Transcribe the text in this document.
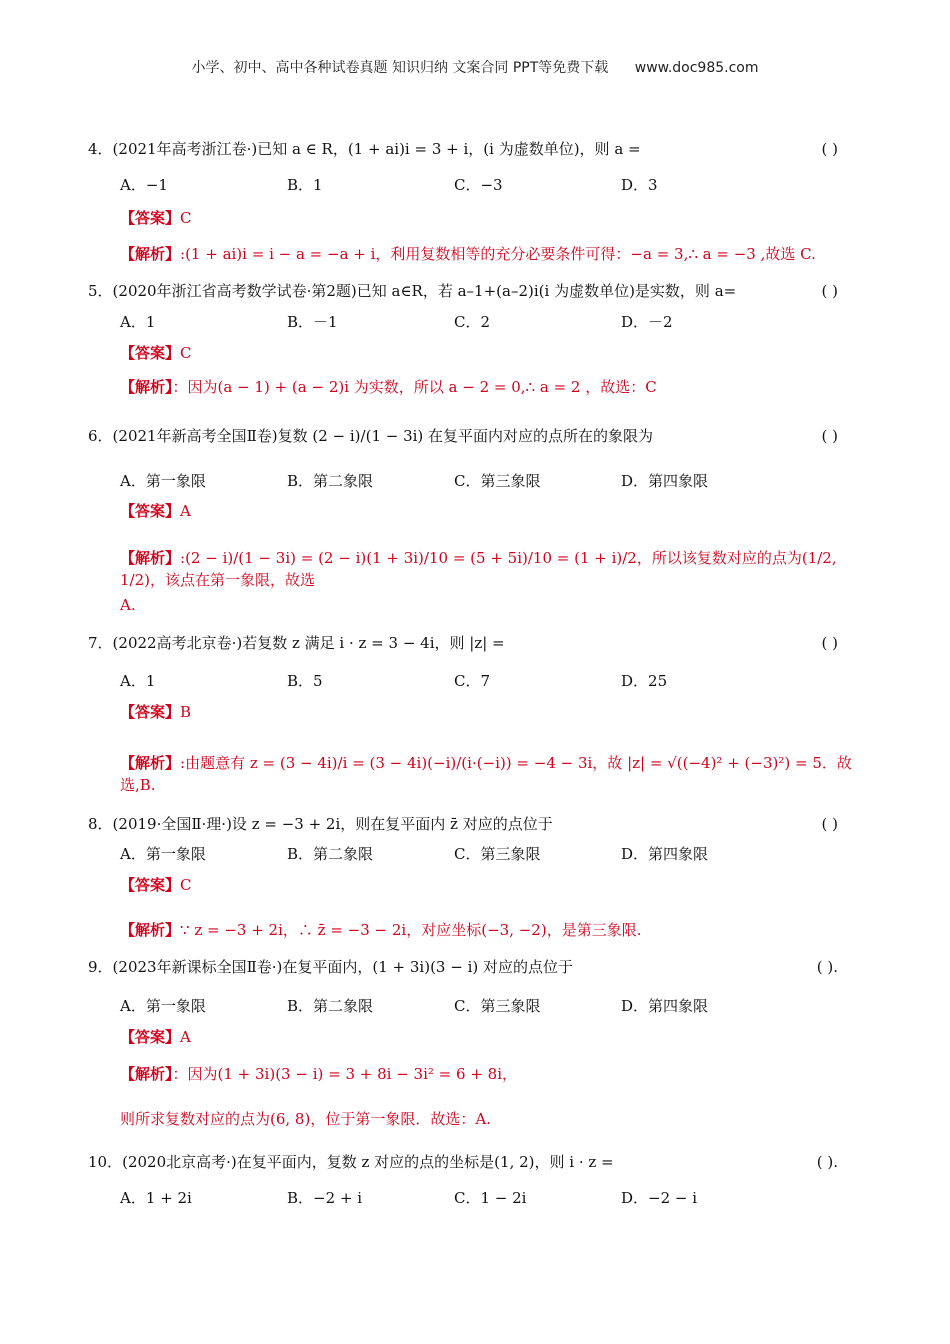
小学、初中、高中各种试卷真题 知识归纳 文案合同 PPT等免费下载 www.doc985.com
4．(2021年高考浙江卷·)已知 a ∈ R，(1 + ai)i = 3 + i，(i 为虚数单位)，则 a =	( )
A．−1	B．1	C．−3	D．3
【答案】C
【解析】:(1 + ai)i = i − a = −a + i，利用复数相等的充分必要条件可得：−a = 3,∴ a = −3 ,故选 C.
5．(2020年浙江省高考数学试卷·第2题)已知 a∈R，若 a–1+(a–2)i(i 为虚数单位)是实数，则 a=	( )
A．1	B．－1	C．2	D．－2
【答案】C
【解析】：因为(a − 1) + (a − 2)i 为实数，所以 a − 2 = 0,∴ a = 2 ，故选：C
6．(2021年新高考全国Ⅱ卷)复数 (2 − i)/(1 − 3i) 在复平面内对应的点所在的象限为	( )
A．第一象限	B．第二象限	C．第三象限	D．第四象限
【答案】A
【解析】:(2 − i)/(1 − 3i) = (2 − i)(1 + 3i)/10 = (5 + 5i)/10 = (1 + i)/2，所以该复数对应的点为(1/2, 1/2)，该点在第一象限，故选
A.
7．(2022高考北京卷·)若复数 z 满足 i · z = 3 − 4i，则 |z| =	( )
A．1	B．5	C．7	D．25
【答案】B
【解析】:由题意有 z = (3 − 4i)/i = (3 − 4i)(−i)/(i·(−i)) = −4 − 3i，故 |z| = √((−4)² + (−3)²) = 5．故选,B.
8．(2019·全国Ⅱ·理·)设 z = −3 + 2i，则在复平面内 z̄ 对应的点位于	( )
A．第一象限	B．第二象限	C．第三象限	D．第四象限
【答案】C
【解析】∵ z = −3 + 2i，∴ z̄ = −3 − 2i，对应坐标(−3, −2)，是第三象限.
9．(2023年新课标全国Ⅱ卷·)在复平面内，(1 + 3i)(3 − i) 对应的点位于	( ).
A．第一象限	B．第二象限	C．第三象限	D．第四象限
【答案】A
【解析】：因为(1 + 3i)(3 − i) = 3 + 8i − 3i² = 6 + 8i，
则所求复数对应的点为(6, 8)，位于第一象限．故选：A.
10．(2020北京高考·)在复平面内，复数 z 对应的点的坐标是(1, 2)，则 i · z =	( ).
A．1 + 2i	B．−2 + i	C．1 − 2i	D．−2 − i
